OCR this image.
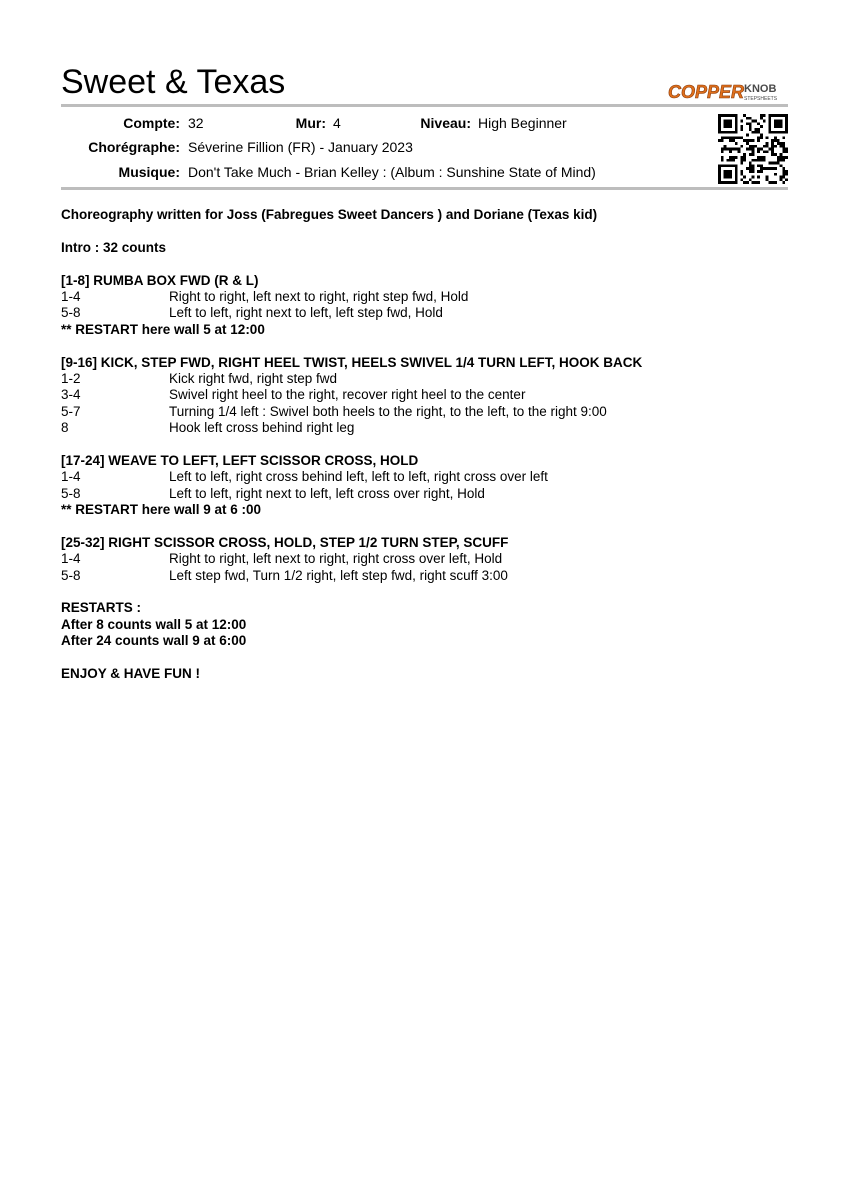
Sweet & Texas	COPPER KNOB
STEPSHEETS
Compte: 32	Mur: 4	Niveau: High Beginner
Chorégraphe: Séverine Fillion (FR) - January 2023
Musique: Don't Take Much - Brian Kelley : (Album : Sunshine State of Mind)
Choreography written for Joss (Fabregues Sweet Dancers ) and Doriane (Texas kid)
Intro : 32 counts
[1-8] RUMBA BOX FWD (R & L)
1-4	Right to right, left next to right, right step fwd, Hold
5-8	Left to left, right next to left, left step fwd, Hold
** RESTART here wall 5 at 12:00
[9-16] KICK, STEP FWD, RIGHT HEEL TWIST, HEELS SWIVEL 1/4 TURN LEFT, HOOK BACK
1-2	Kick right fwd, right step fwd
3-4	Swivel right heel to the right, recover right heel to the center
5-7	Turning 1/4 left : Swivel both heels to the right, to the left, to the right 9:00
8	Hook left cross behind right leg
[17-24] WEAVE TO LEFT, LEFT SCISSOR CROSS, HOLD
1-4	Left to left, right cross behind left, left to left, right cross over left
5-8	Left to left, right next to left, left cross over right, Hold
** RESTART here wall 9 at 6 :00
[25-32] RIGHT SCISSOR CROSS, HOLD, STEP 1/2 TURN STEP, SCUFF
1-4	Right to right, left next to right, right cross over left, Hold
5-8	Left step fwd, Turn 1/2 right, left step fwd, right scuff 3:00
RESTARTS :
After 8 counts wall 5 at 12:00
After 24 counts wall 9 at 6:00
ENJOY & HAVE FUN !
